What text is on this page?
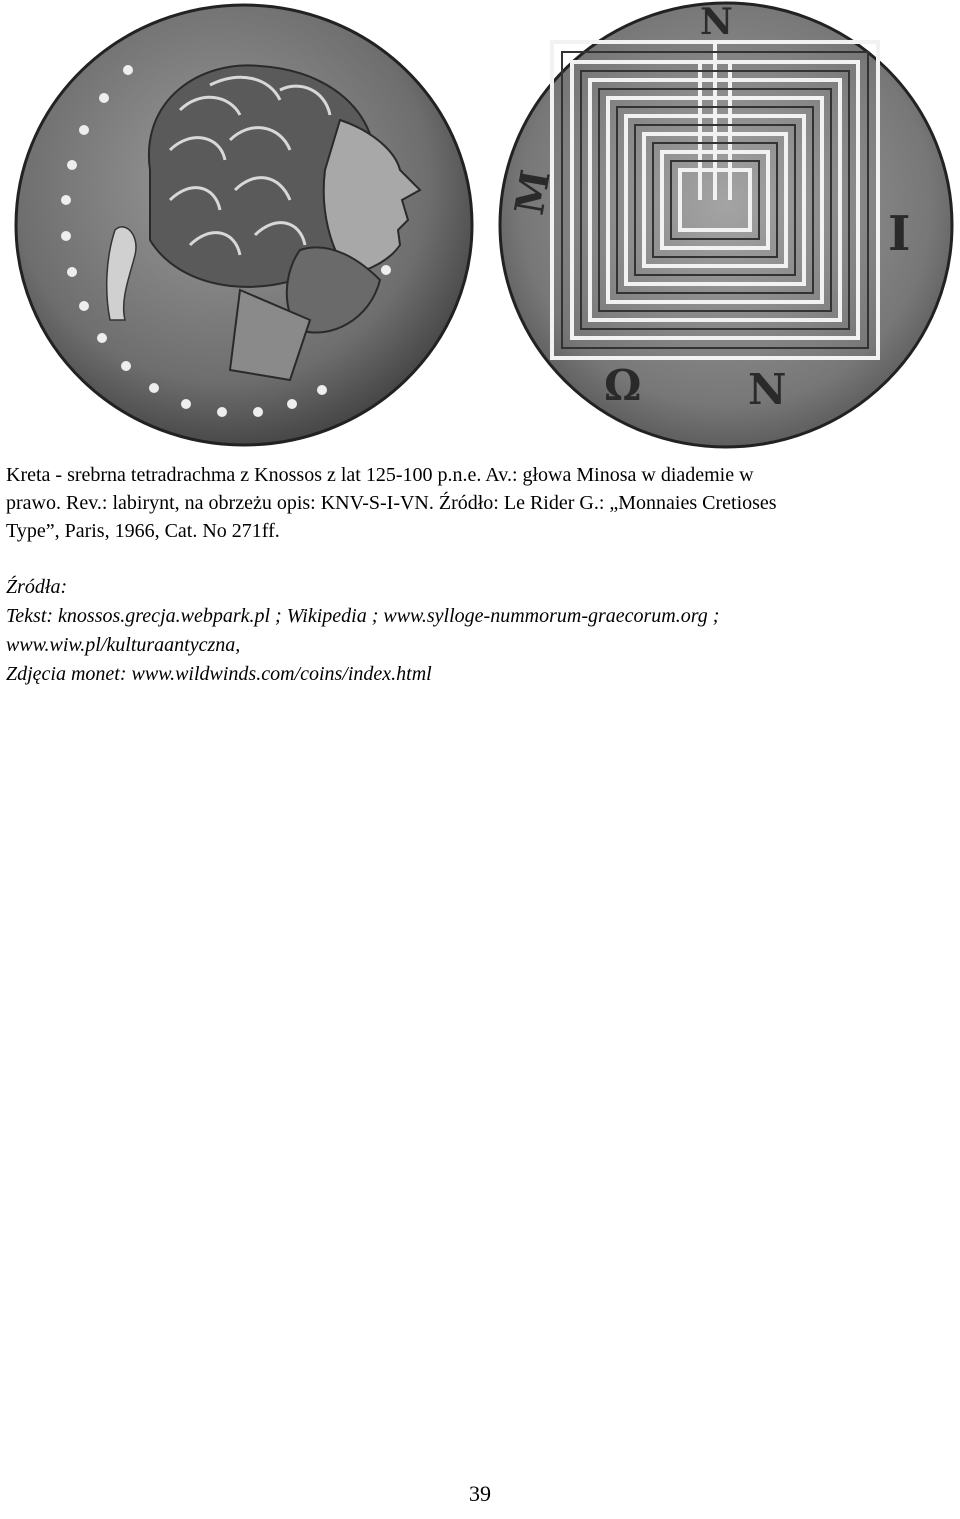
Ν
Μ
Ι
Ω	Ν

Kreta - srebrna tetradrachma z Knossos z lat 125-100 p.n.e. Av.: głowa Minosa w diademie w

prawo. Rev.: labirynt, na obrzeżu opis: KNV-S-I-VN. Źródło: Le Rider G.: „Monnaies Cretioses

Type”, Paris, 1966, Cat. No 271ff.

Źródła:
Tekst: knossos.grecja.webpark.pl ; Wikipedia ; www.sylloge-nummorum-graecorum.org ;
www.wiw.pl/kulturaantyczna,
Zdjęcia monet: www.wildwinds.com/coins/index.html
39
